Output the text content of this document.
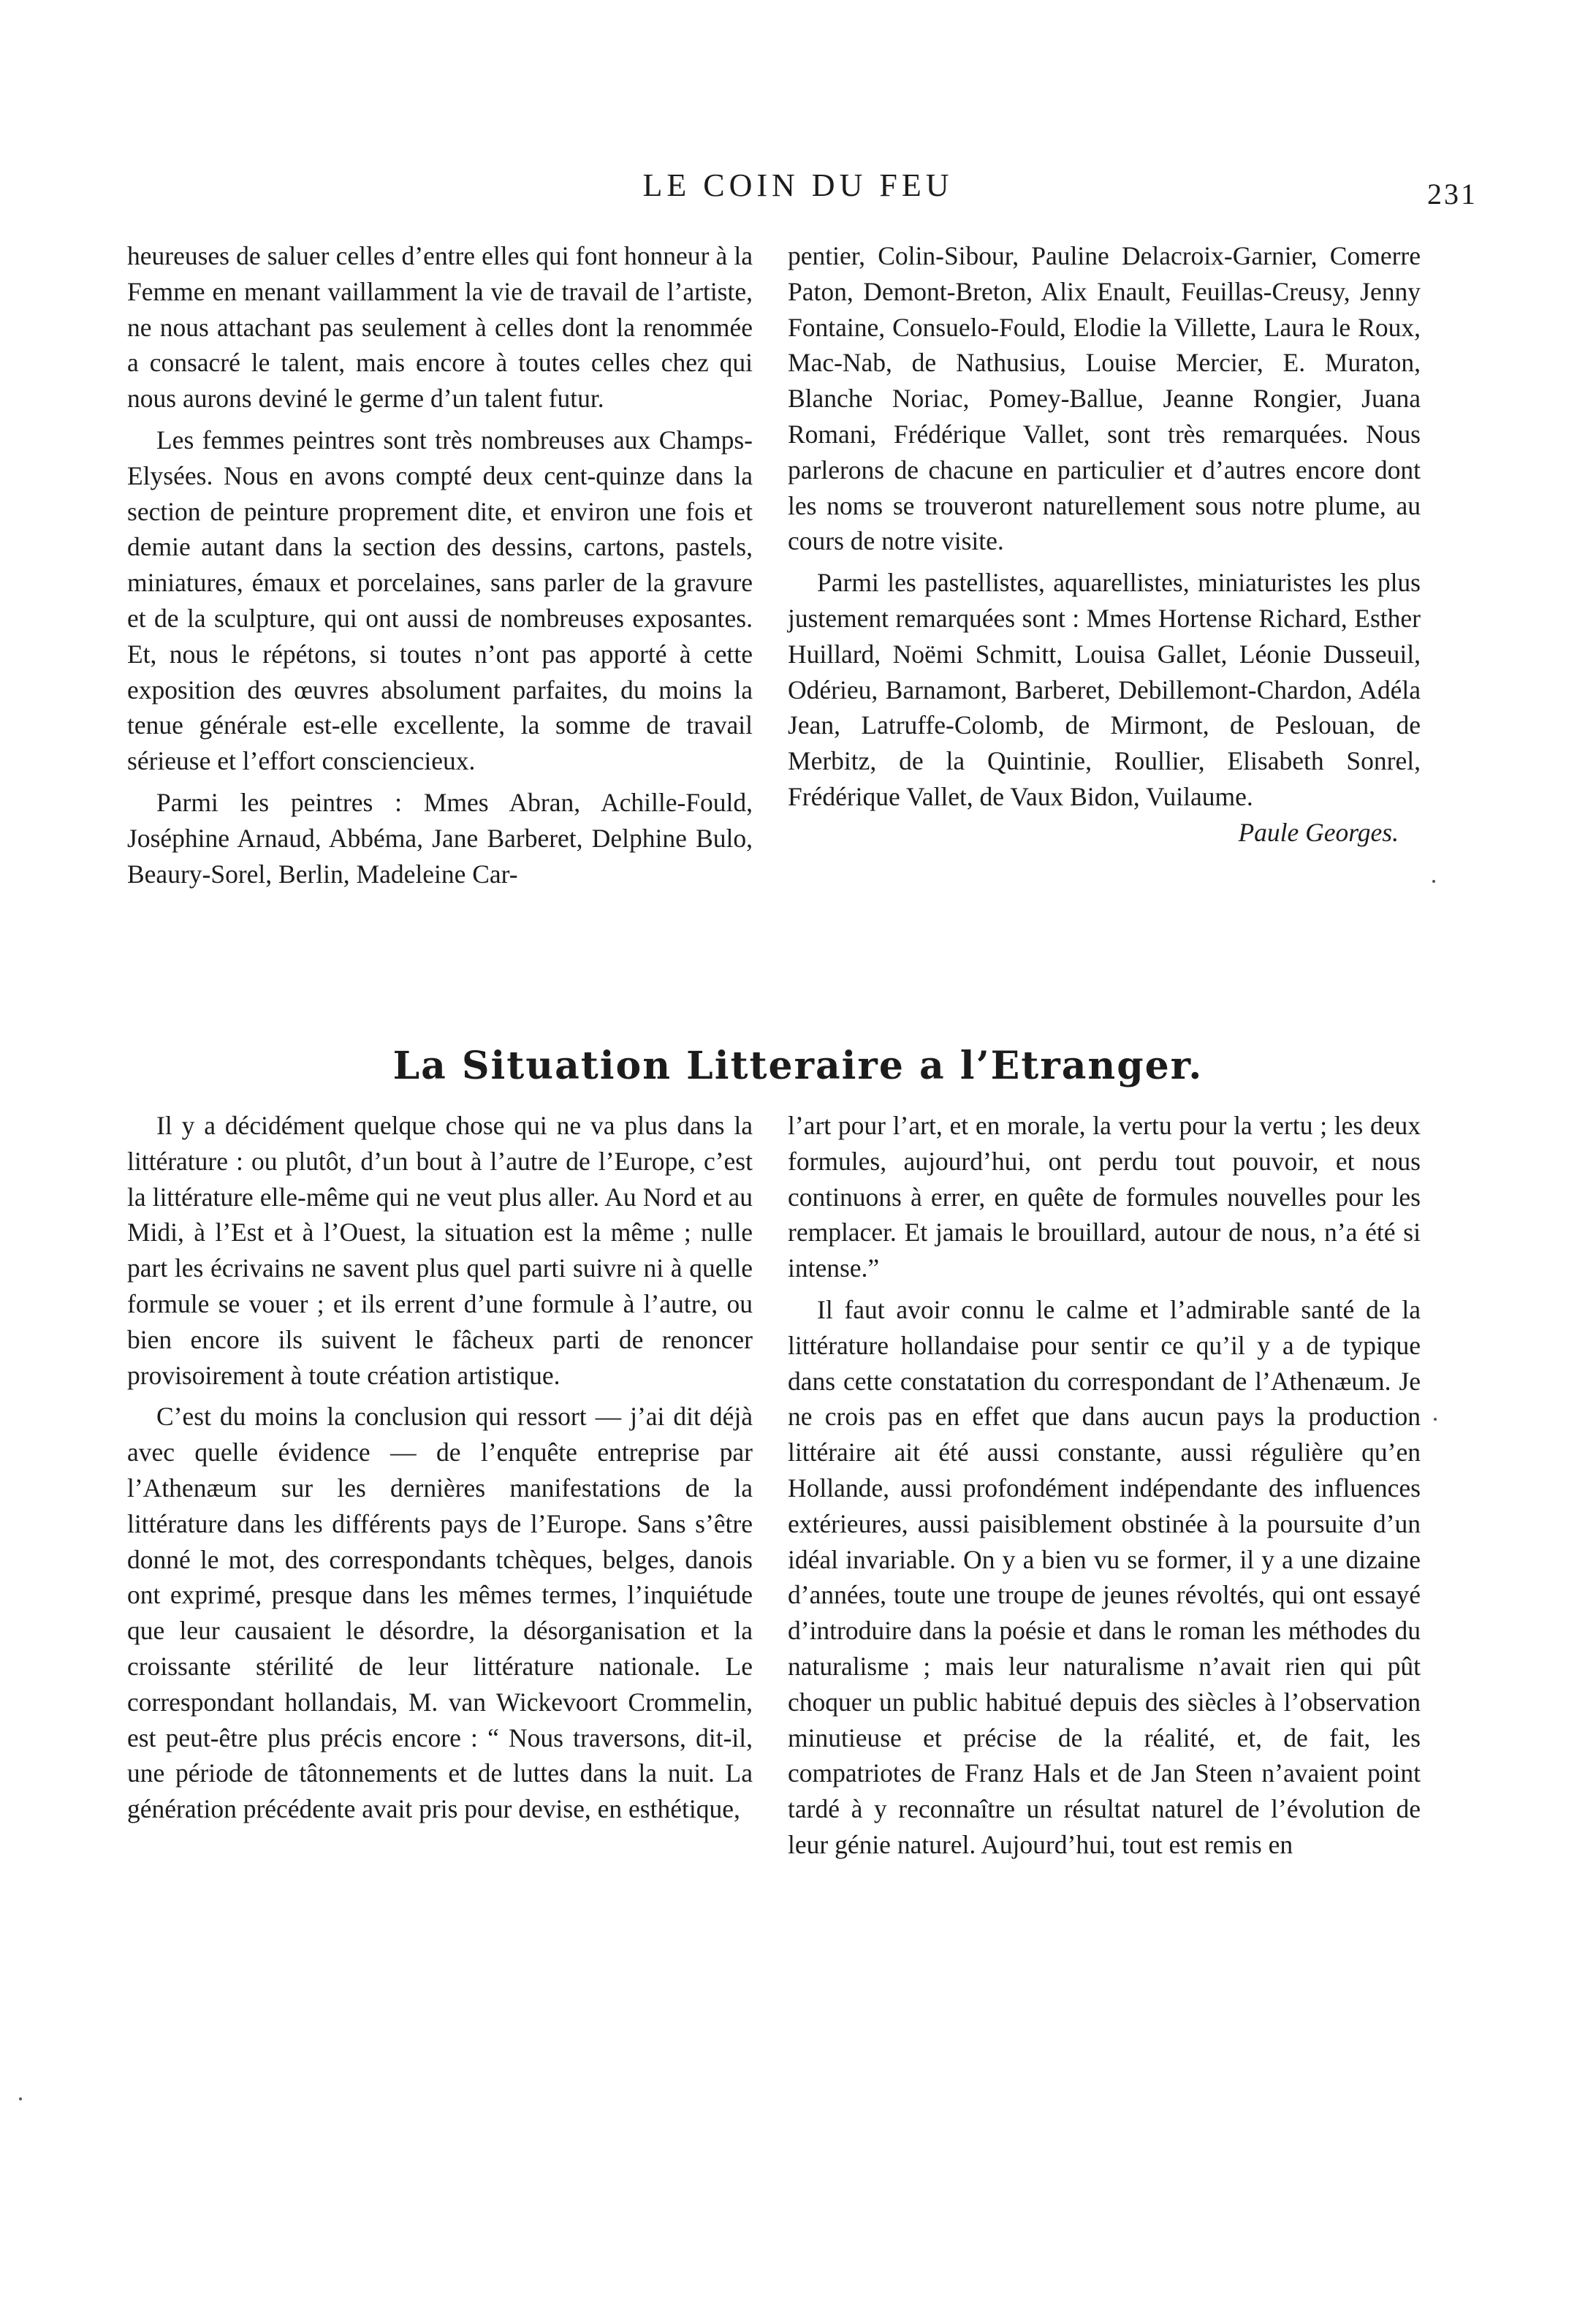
LE COIN DU FEU	231

heureuses de saluer celles d’entre elles qui font honneur à la Femme en menant vaillamment la vie de travail de l’artiste, ne nous attachant pas seulement à celles dont la renommée a consacré le talent, mais encore à toutes celles chez qui nous aurons deviné le germe d’un talent futur.

Les femmes peintres sont très nombreuses aux Champs-Elysées. Nous en avons compté deux cent-quinze dans la section de peinture proprement dite, et environ une fois et demie autant dans la section des dessins, cartons, pastels, miniatures, émaux et porcelaines, sans parler de la gravure et de la sculpture, qui ont aussi de nombreuses exposantes. Et, nous le répétons, si toutes n’ont pas apporté à cette exposition des œuvres absolument parfaites, du moins la tenue générale est-elle excellente, la somme de travail sérieuse et l’effort consciencieux.

Parmi les peintres : Mmes Abran, Achille-Fould, Joséphine Arnaud, Abbéma, Jane Barberet, Delphine Bulo, Beaury-Sorel, Berlin, Madeleine Car-

pentier, Colin-Sibour, Pauline Delacroix-Garnier, Comerre Paton, Demont-Breton, Alix Enault, Feuillas-Creusy, Jenny Fontaine, Consuelo-Fould, Elodie la Villette, Laura le Roux, Mac-Nab, de Nathusius, Louise Mercier, E. Muraton, Blanche Noriac, Pomey-Ballue, Jeanne Rongier, Juana Romani, Frédérique Vallet, sont très remarquées. Nous parlerons de chacune en particulier et d’autres encore dont les noms se trouveront naturellement sous notre plume, au cours de notre visite.

Parmi les pastellistes, aquarellistes, miniaturistes les plus justement remarquées sont : Mmes Hortense Richard, Esther Huillard, Noëmi Schmitt, Louisa Gallet, Léonie Dusseuil, Odérieu, Barnamont, Barberet, Debillemont-Chardon, Adéla Jean, Latruffe-Colomb, de Mirmont, de Peslouan, de Merbitz, de la Quintinie, Roullier, Elisabeth Sonrel, Frédérique Vallet, de Vaux Bidon, Vuilaume.

Paule Georges.

La Situation Litteraire a l’Etranger.

Il y a décidément quelque chose qui ne va plus dans la littérature : ou plutôt, d’un bout à l’autre de l’Europe, c’est la littérature elle-même qui ne veut plus aller. Au Nord et au Midi, à l’Est et à l’Ouest, la situation est la même ; nulle part les écrivains ne savent plus quel parti suivre ni à quelle formule se vouer ; et ils errent d’une formule à l’autre, ou bien encore ils suivent le fâcheux parti de renoncer provisoirement à toute création artistique.

C’est du moins la conclusion qui ressort — j’ai dit déjà avec quelle évidence — de l’enquête entreprise par l’Athenæum sur les dernières manifestations de la littérature dans les différents pays de l’Europe. Sans s’être donné le mot, des correspondants tchèques, belges, danois ont exprimé, presque dans les mêmes termes, l’inquiétude que leur causaient le désordre, la désorganisation et la croissante stérilité de leur littérature nationale. Le correspondant hollandais, M. van Wickevoort Crommelin, est peut-être plus précis encore : “ Nous traversons, dit-il, une période de tâtonnements et de luttes dans la nuit. La génération précédente avait pris pour devise, en esthétique,

l’art pour l’art, et en morale, la vertu pour la vertu ; les deux formules, aujourd’hui, ont perdu tout pouvoir, et nous continuons à errer, en quête de formules nouvelles pour les remplacer. Et jamais le brouillard, autour de nous, n’a été si intense.”

Il faut avoir connu le calme et l’admirable santé de la littérature hollandaise pour sentir ce qu’il y a de typique dans cette constatation du correspondant de l’Athenæum. Je ne crois pas en effet que dans aucun pays la production littéraire ait été aussi constante, aussi régulière qu’en Hollande, aussi profondément indépendante des influences extérieures, aussi paisiblement obstinée à la poursuite d’un idéal invariable. On y a bien vu se former, il y a une dizaine d’années, toute une troupe de jeunes révoltés, qui ont essayé d’introduire dans la poésie et dans le roman les méthodes du naturalisme ; mais leur naturalisme n’avait rien qui pût choquer un public habitué depuis des siècles à l’observation minutieuse et précise de la réalité, et, de fait, les compatriotes de Franz Hals et de Jan Steen n’avaient point tardé à y reconnaître un résultat naturel de l’évolution de leur génie naturel. Aujourd’hui, tout est remis en
